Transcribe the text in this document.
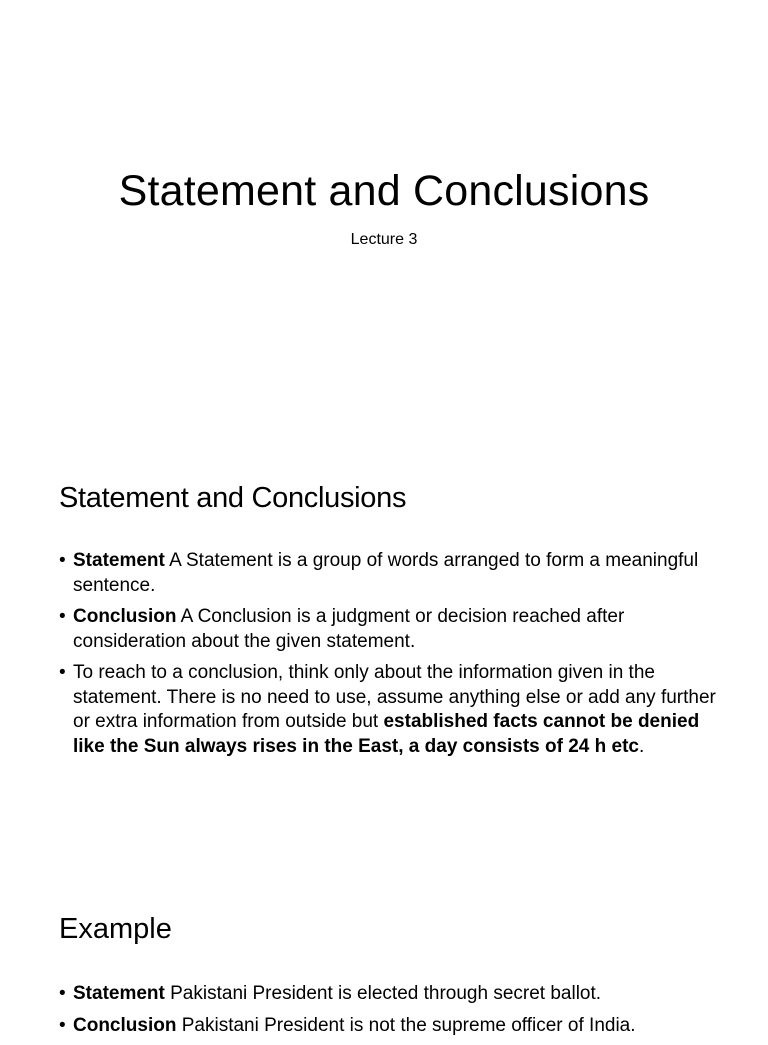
Statement and Conclusions
Lecture 3
Statement and Conclusions
• Statement A Statement is a group of words arranged to form a meaningful sentence.
• Conclusion A Conclusion is a judgment or decision reached after consideration about the given statement.
• To reach to a conclusion, think only about the information given in the statement. There is no need to use, assume anything else or add any further or extra information from outside but established facts cannot be denied like the Sun always rises in the East, a day consists of 24 h etc.
Example
• Statement Pakistani President is elected through secret ballot.
• Conclusion Pakistani President is not the supreme officer of India.
